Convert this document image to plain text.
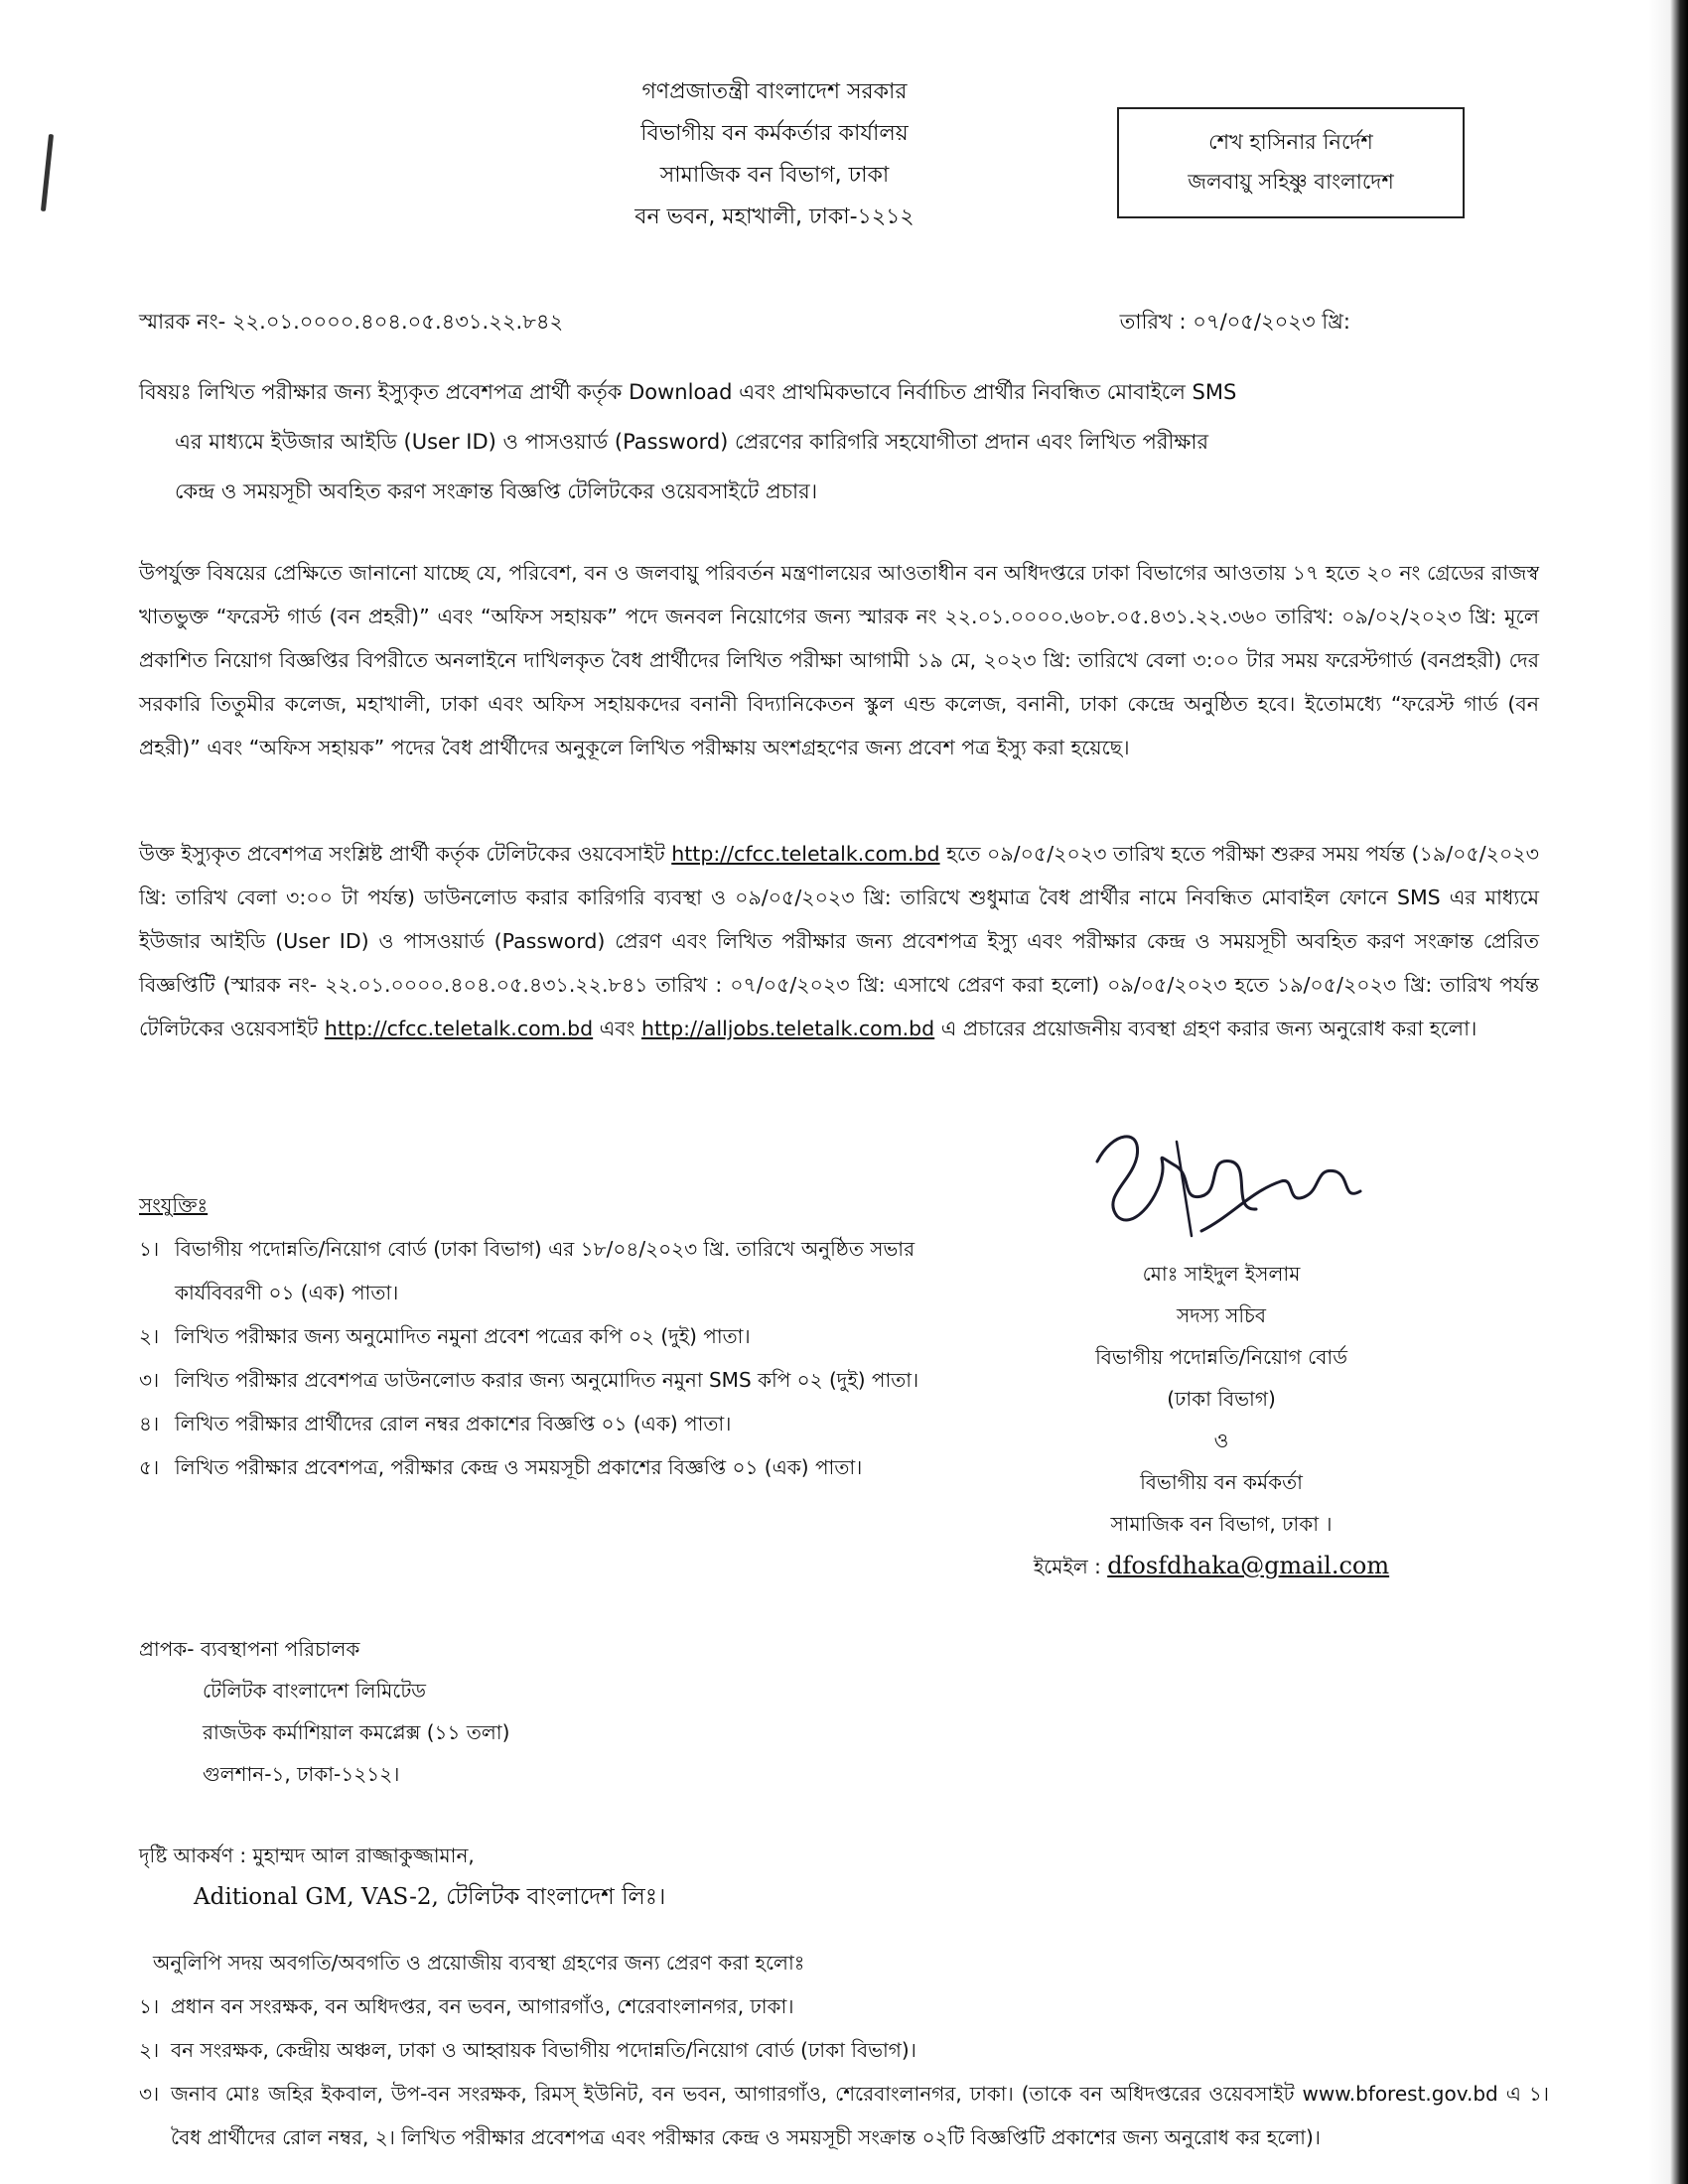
গণপ্রজাতন্ত্রী বাংলাদেশ সরকার
বিভাগীয় বন কর্মকর্তার কার্যালয়
সামাজিক বন বিভাগ, ঢাকা
বন ভবন, মহাখালী, ঢাকা-১২১২
শেখ হাসিনার নির্দেশ
জলবায়ু সহিষ্ণু বাংলাদেশ
স্মারক নং- ২২.০১.০০০০.৪০৪.০৫.৪৩১.২২.৮৪২	তারিখ : ০৭/০৫/২০২৩ খ্রি:
বিষয়ঃ লিখিত পরীক্ষার জন্য ইস্যুকৃত প্রবেশপত্র প্রার্থী কর্তৃক Download এবং প্রাথমিকভাবে নির্বাচিত প্রার্থীর নিবন্ধিত মোবাইলে SMS
এর মাধ্যমে ইউজার আইডি (User ID) ও পাসওয়ার্ড (Password) প্রেরণের কারিগরি সহযোগীতা প্রদান এবং লিখিত পরীক্ষার
কেন্দ্র ও সময়সূচী অবহিত করণ সংক্রান্ত বিজ্ঞপ্তি টেলিটকের ওয়েবসাইটে প্রচার।
উপর্যুক্ত বিষয়ের প্রেক্ষিতে জানানো যাচ্ছে যে, পরিবেশ, বন ও জলবায়ু পরিবর্তন মন্ত্রণালয়ের আওতাধীন বন অধিদপ্তরে ঢাকা বিভাগের আওতায় ১৭ হতে ২০ নং গ্রেডের রাজস্ব খাতভুক্ত “ফরেস্ট গার্ড (বন প্রহরী)” এবং “অফিস সহায়ক” পদে জনবল নিয়োগের জন্য স্মারক নং ২২.০১.০০০০.৬০৮.০৫.৪৩১.২২.৩৬০ তারিখ: ০৯/০২/২০২৩ খ্রি: মূলে প্রকাশিত নিয়োগ বিজ্ঞপ্তির বিপরীতে অনলাইনে দাখিলকৃত বৈধ প্রার্থীদের লিখিত পরীক্ষা আগামী ১৯ মে, ২০২৩ খ্রি: তারিখে বেলা ৩:০০ টার সময় ফরেস্টগার্ড (বনপ্রহরী) দের সরকারি তিতুমীর কলেজ, মহাখালী, ঢাকা এবং অফিস সহায়কদের বনানী বিদ্যানিকেতন স্কুল এন্ড কলেজ, বনানী, ঢাকা কেন্দ্রে অনুষ্ঠিত হবে। ইতোমধ্যে “ফরেস্ট গার্ড (বন প্রহরী)” এবং “অফিস সহায়ক” পদের বৈধ প্রার্থীদের অনুকূলে লিখিত পরীক্ষায় অংশগ্রহণের জন্য প্রবেশ পত্র ইস্যু করা হয়েছে।
উক্ত ইস্যুকৃত প্রবেশপত্র সংশ্লিষ্ট প্রার্থী কর্তৃক টেলিটকের ওয়বেসাইট http://cfcc.teletalk.com.bd হতে ০৯/০৫/২০২৩ তারিখ হতে পরীক্ষা শুরুর সময় পর্যন্ত (১৯/০৫/২০২৩ খ্রি: তারিখ বেলা ৩:০০ টা পর্যন্ত) ডাউনলোড করার কারিগরি ব্যবস্থা ও ০৯/০৫/২০২৩ খ্রি: তারিখে শুধুমাত্র বৈধ প্রার্থীর নামে নিবন্ধিত মোবাইল ফোনে SMS এর মাধ্যমে ইউজার আইডি (User ID) ও পাসওয়ার্ড (Password) প্রেরণ এবং লিখিত পরীক্ষার জন্য প্রবেশপত্র ইস্যু এবং পরীক্ষার কেন্দ্র ও সময়সূচী অবহিত করণ সংক্রান্ত প্রেরিত বিজ্ঞপ্তিটি (স্মারক নং- ২২.০১.০০০০.৪০৪.০৫.৪৩১.২২.৮৪১ তারিখ : ০৭/০৫/২০২৩ খ্রি: এসাথে প্রেরণ করা হলো) ০৯/০৫/২০২৩ হতে ১৯/০৫/২০২৩ খ্রি: তারিখ পর্যন্ত টেলিটকের ওয়েবসাইট http://cfcc.teletalk.com.bd এবং http://alljobs.teletalk.com.bd এ প্রচারের প্রয়োজনীয় ব্যবস্থা গ্রহণ করার জন্য অনুরোধ করা হলো।
সংযুক্তিঃ
১। বিভাগীয় পদোন্নতি/নিয়োগ বোর্ড (ঢাকা বিভাগ) এর ১৮/০৪/২০২৩ খ্রি. তারিখে অনুষ্ঠিত সভার কার্যবিবরণী ০১ (এক) পাতা।
২। লিখিত পরীক্ষার জন্য অনুমোদিত নমুনা প্রবেশ পত্রের কপি ০২ (দুই) পাতা।
৩। লিখিত পরীক্ষার প্রবেশপত্র ডাউনলোড করার জন্য অনুমোদিত নমুনা SMS কপি ০২ (দুই) পাতা।
৪। লিখিত পরীক্ষার প্রার্থীদের রোল নম্বর প্রকাশের বিজ্ঞপ্তি ০১ (এক) পাতা।
৫। লিখিত পরীক্ষার প্রবেশপত্র, পরীক্ষার কেন্দ্র ও সময়সূচী প্রকাশের বিজ্ঞপ্তি ০১ (এক) পাতা।
মোঃ সাইদুল ইসলাম
সদস্য সচিব
বিভাগীয় পদোন্নতি/নিয়োগ বোর্ড
(ঢাকা বিভাগ)
ও
বিভাগীয় বন কর্মকর্তা
সামাজিক বন বিভাগ, ঢাকা ।
ইমেইল : dfosfdhaka@gmail.com
প্রাপক- ব্যবস্থাপনা পরিচালক
টেলিটক বাংলাদেশ লিমিটেড
রাজউক কর্মাশিয়াল কমপ্লেক্স (১১ তলা)
গুলশান-১, ঢাকা-১২১২।
দৃষ্টি আকর্ষণ : মুহাম্মদ আল রাজ্জাকুজ্জামান,
Aditional GM, VAS-2, টেলিটক বাংলাদেশ লিঃ।
অনুলিপি সদয় অবগতি/অবগতি ও প্রয়োজীয় ব্যবস্থা গ্রহণের জন্য প্রেরণ করা হলোঃ
১। প্রধান বন সংরক্ষক, বন অধিদপ্তর, বন ভবন, আগারগাঁও, শেরেবাংলানগর, ঢাকা।
২। বন সংরক্ষক, কেন্দ্রীয় অঞ্চল, ঢাকা ও আহ্বায়ক বিভাগীয় পদোন্নতি/নিয়োগ বোর্ড (ঢাকা বিভাগ)।
৩। জনাব মোঃ জহির ইকবাল, উপ-বন সংরক্ষক, রিমস্ ইউনিট, বন ভবন, আগারগাঁও, শেরেবাংলানগর, ঢাকা। (তাকে বন অধিদপ্তরের ওয়েবসাইট www.bforest.gov.bd এ ১। বৈধ প্রার্থীদের রোল নম্বর, ২। লিখিত পরীক্ষার প্রবেশপত্র এবং পরীক্ষার কেন্দ্র ও সময়সূচী সংক্রান্ত ০২টি বিজ্ঞপ্তিটি প্রকাশের জন্য অনুরোধ কর হলো)।
